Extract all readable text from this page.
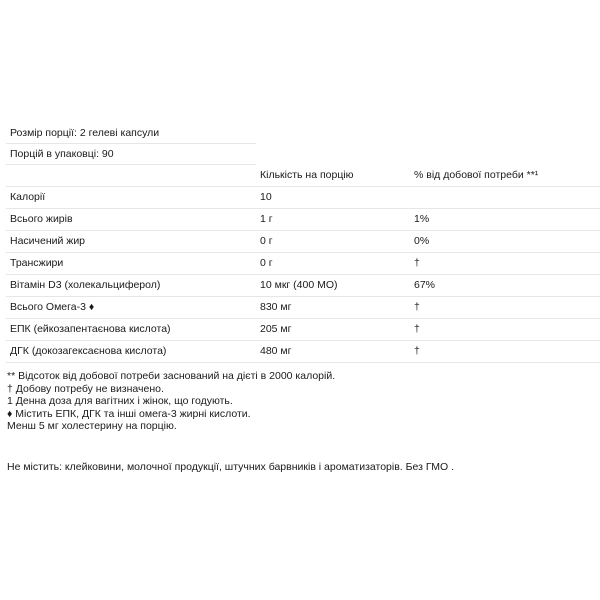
Розмір порції: 2 гелеві капсули
Порцій в упаковці: 90
	Кількість на порцію	% від добової потреби **¹
Калорії	10	
Всього жирів	1 г	1%
Насичений жир	0 г	0%
Трансжири	0 г	†
Вітамін D3 (холекальциферол)	10 мкг (400 МО)	67%
Всього Омега-3 ♦	830 мг	†
ЕПК (ейкозапентаєнова кислота)	205 мг	†
ДГК (докозагексаєнова кислота)	480 мг	†
** Відсоток від добової потреби заснований на дієті в 2000 калорій.
† Добову потребу не визначено.
1 Денна доза для вагітних і жінок, що годують.
♦ Містить ЕПК, ДГК та інші омега-3 жирні кислоти.
Менш 5 мг холестерину на порцію.
Не містить: клейковини, молочної продукції, штучних барвників і ароматизаторів. Без ГМО .
